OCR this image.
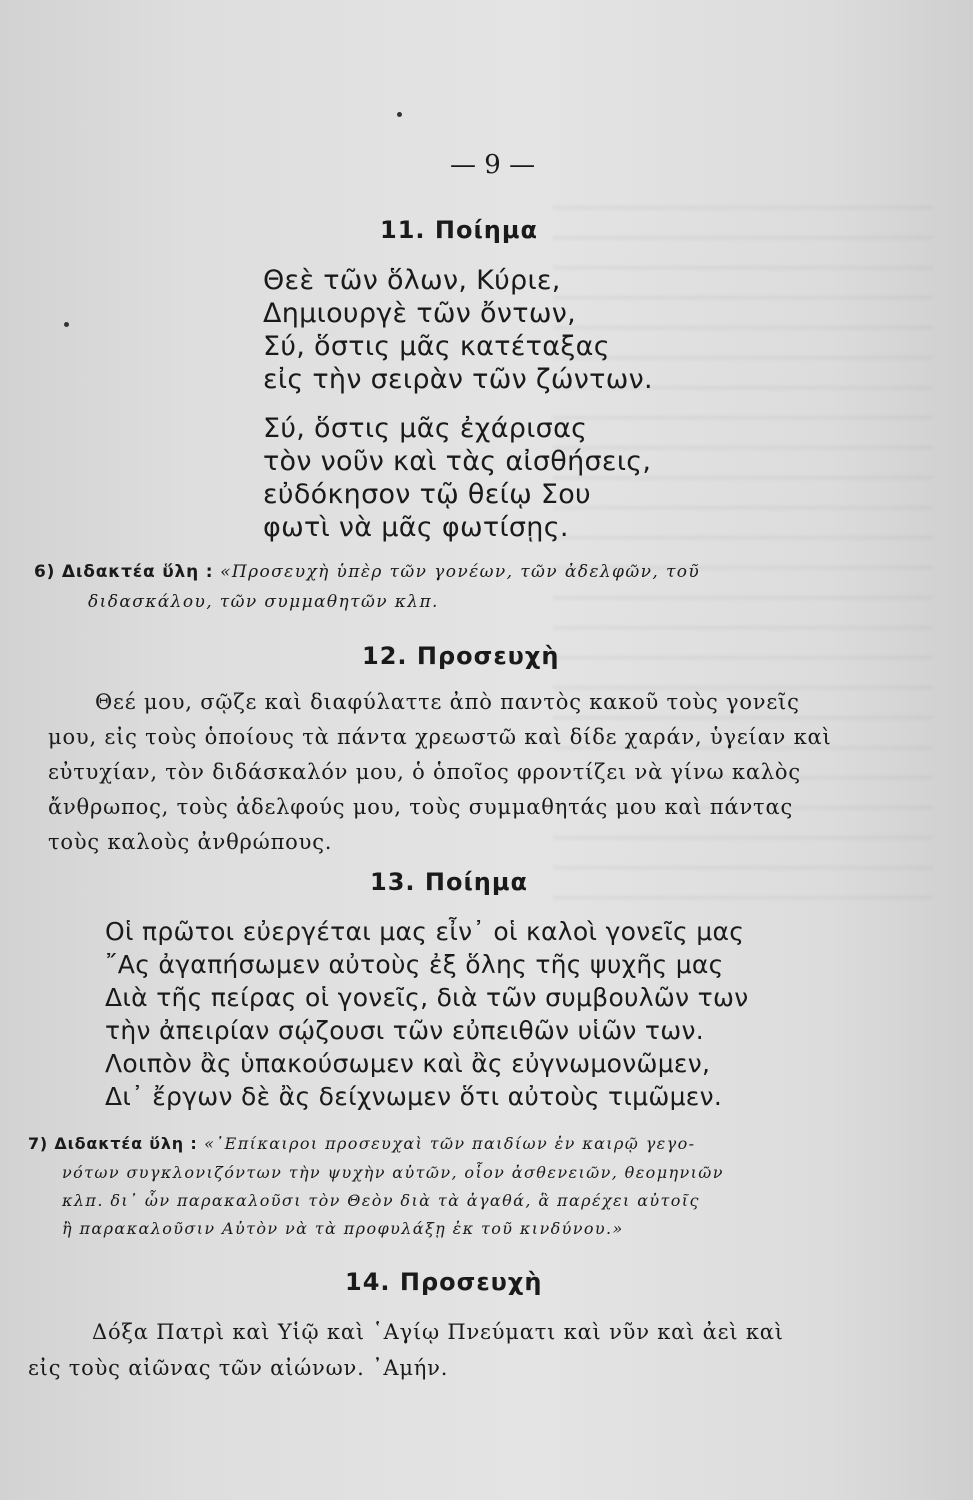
— 9 —
11. Ποίημα
Θεὲ τῶν ὅλων, Κύριε,
Δημιουργὲ τῶν ὄντων,
Σύ, ὅστις μᾶς κατέταξας
εἰς τὴν σειρὰν τῶν ζώντων.
Σύ, ὅστις μᾶς ἐχάρισας
τὸν νοῦν καὶ τὰς αἰσθήσεις,
εὐδόκησον τῷ θείῳ Σου
φωτὶ νὰ μᾶς φωτίσῃς.
6) Διδακτέα ὕλη : «Προσευχὴ ὑπὲρ τῶν γονέων, τῶν ἀδελφῶν, τοῦ
διδασκάλου, τῶν συμμαθητῶν κλπ.
12. Προσευχὴ
Θεέ μου, σῷζε καὶ διαφύλαττε ἀπὸ παντὸς κακοῦ τοὺς γονεῖς
μου, εἰς τοὺς ὁποίους τὰ πάντα χρεωστῶ καὶ δίδε χαράν, ὑγείαν καὶ
εὐτυχίαν, τὸν διδάσκαλόν μου, ὁ ὁποῖος φροντίζει νὰ γίνω καλὸς
ἄνθρωπος, τοὺς ἀδελφούς μου, τοὺς συμμαθητάς μου καὶ πάντας
τοὺς καλοὺς ἀνθρώπους.
13. Ποίημα
Οἱ πρῶτοι εὐεργέται μας εἶν᾽ οἱ καλοὶ γονεῖς μας
῎Ας ἀγαπήσωμεν αὐτοὺς ἐξ ὅλης τῆς ψυχῆς μας
Διὰ τῆς πείρας οἱ γονεῖς, διὰ τῶν συμβουλῶν των
τὴν ἀπειρίαν σῴζουσι τῶν εὐπειθῶν υἱῶν των.
Λοιπὸν ἂς ὑπακούσωμεν καὶ ἂς εὐγνωμονῶμεν,
Δι᾽ ἔργων δὲ ἂς δείχνωμεν ὅτι αὐτοὺς τιμῶμεν.
7) Διδακτέα ὕλη : «᾽Επίκαιροι προσευχαὶ τῶν παιδίων ἐν καιρῷ γεγο-
νότων συγκλονιζόντων τὴν ψυχὴν αὐτῶν, οἷον ἀσθενειῶν, θεομηνιῶν
κλπ. δι᾽ ὧν παρακαλοῦσι τὸν Θεὸν διὰ τὰ ἀγαθά, ἃ παρέχει αὐτοῖς
ἢ παρακαλοῦσιν Αὐτὸν νὰ τὰ προφυλάξῃ ἐκ τοῦ κινδύνου.»
14. Προσευχὴ
Δόξα Πατρὶ καὶ Υἱῷ καὶ ῾Αγίῳ Πνεύματι καὶ νῦν καὶ ἀεὶ καὶ
εἰς τοὺς αἰῶνας τῶν αἰώνων. ᾽Αμήν.
